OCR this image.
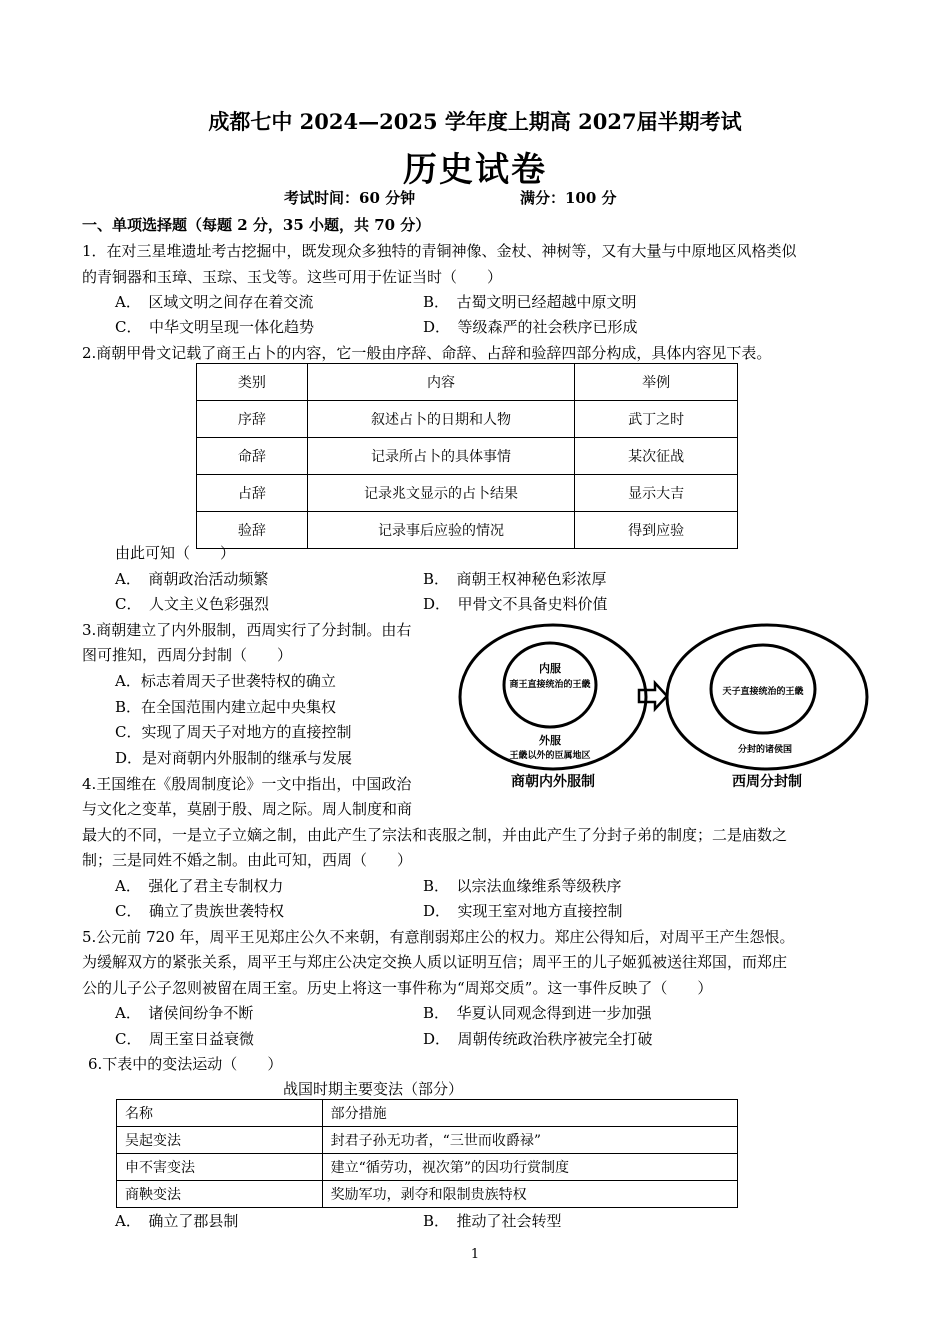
成都七中 2024—2025 学年度上期高 2027届半期考试
历史试卷
考试时间：60 分钟	满分：100 分
一、单项选择题（每题 2 分，35 小题，共 70 分）
1．在对三星堆遗址考古挖掘中，既发现众多独特的青铜神像、金杖、神树等，又有大量与中原地区风格类似
的青铜器和玉璋、玉琮、玉戈等。这些可用于佐证当时（　　）
A．　区域文明之间存在着交流	B．　古蜀文明已经超越中原文明
C．　中华文明呈现一体化趋势	D．　等级森严的社会秩序已形成
2.商朝甲骨文记载了商王占卜的内容，它一般由序辞、命辞、占辞和验辞四部分构成，具体内容见下表。
类别	内容	举例
序辞	叙述占卜的日期和人物	武丁之时
命辞	记录所占卜的具体事情	某次征战
占辞	记录兆文显示的占卜结果	显示大吉
验辞	记录事后应验的情况	得到应验
由此可知（　　）
A．　商朝政治活动频繁	B．　商朝王权神秘色彩浓厚
C．　人文主义色彩强烈	D．　甲骨文不具备史料价值
3.商朝建立了内外服制，西周实行了分封制。由右
图可推知，西周分封制（　　）
A．标志着周天子世袭特权的确立
B．在全国范围内建立起中央集权
C．实现了周天子对地方的直接控制
D．是对商朝内外服制的继承与发展
内服
商王直接统治的王畿
外服
王畿以外的臣属地区
商朝内外服制
天子直接统治的王畿
分封的诸侯国
西周分封制
4.王国维在《殷周制度论》一文中指出，中国政治
与文化之变革，莫剧于殷、周之际。周人制度和商
最大的不同，一是立子立嫡之制，由此产生了宗法和丧服之制，并由此产生了分封子弟的制度；二是庙数之
制；三是同姓不婚之制。由此可知，西周（　　）
A．　强化了君主专制权力	B．　以宗法血缘维系等级秩序
C．　确立了贵族世袭特权	D．　实现王室对地方直接控制
5.公元前 720 年，周平王见郑庄公久不来朝，有意削弱郑庄公的权力。郑庄公得知后，对周平王产生怨恨。
为缓解双方的紧张关系，周平王与郑庄公决定交换人质以证明互信；周平王的儿子姬狐被送往郑国，而郑庄
公的儿子公子忽则被留在周王室。历史上将这一事件称为“周郑交质”。这一事件反映了（　　）
A．　诸侯间纷争不断	B．　华夏认同观念得到进一步加强
C．　周王室日益衰微	D．　周朝传统政治秩序被完全打破
6.下表中的变法运动（　　）
战国时期主要变法（部分）
名称	部分措施
吴起变法	封君子孙无功者，“三世而收爵禄”
申不害变法	建立“循劳功，视次第”的因功行赏制度
商鞅变法	奖励军功，剥夺和限制贵族特权
A．　确立了郡县制	B．　推动了社会转型
1
